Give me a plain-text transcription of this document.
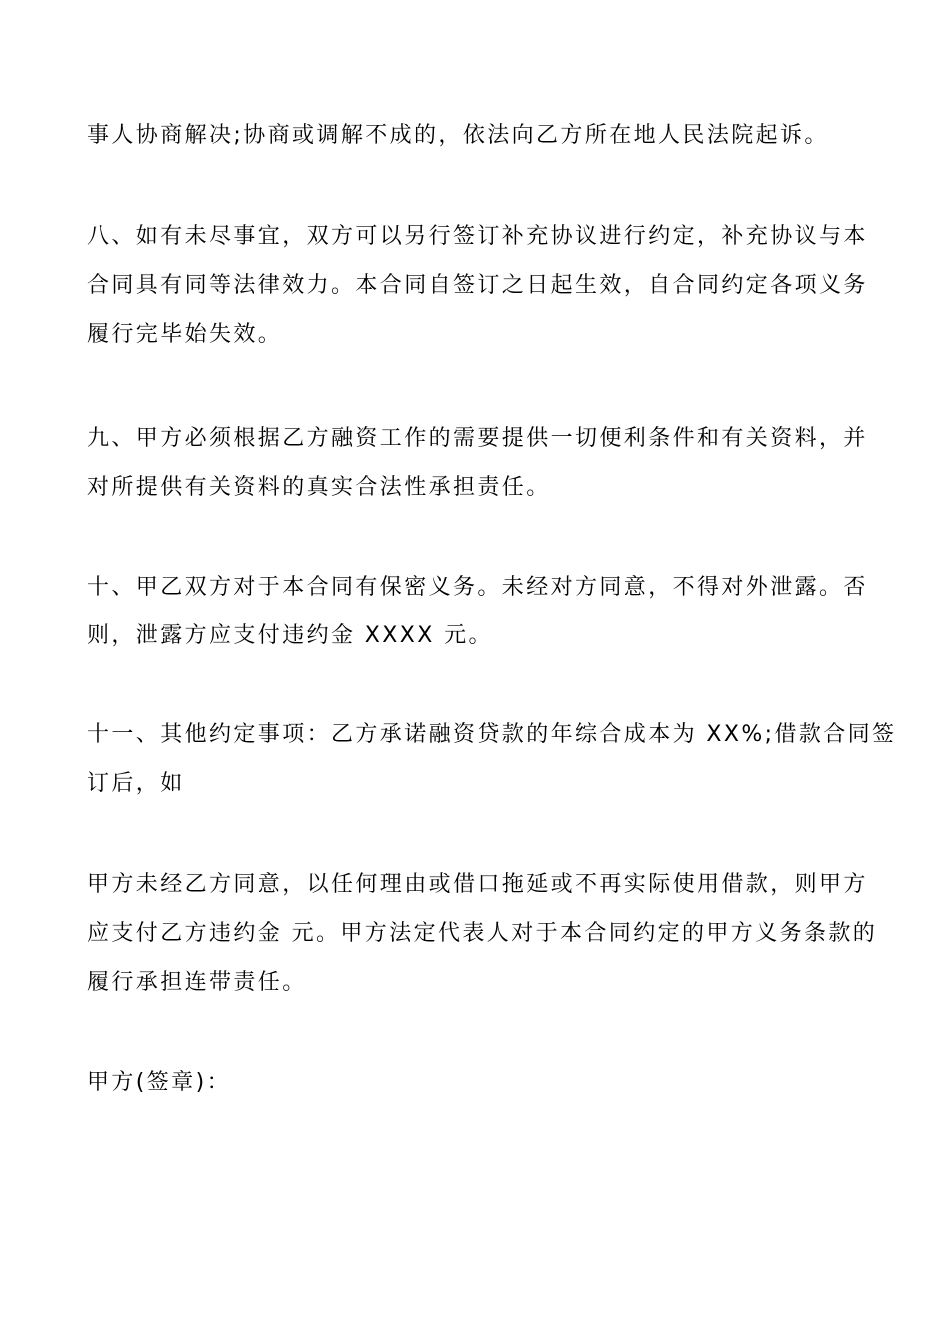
事人协商解决;协商或调解不成的，依法向乙方所在地人民法院起诉。
八、如有未尽事宜，双方可以另行签订补充协议进行约定，补充协议与本
合同具有同等法律效力。本合同自签订之日起生效，自合同约定各项义务
履行完毕始失效。
九、甲方必须根据乙方融资工作的需要提供一切便利条件和有关资料，并
对所提供有关资料的真实合法性承担责任。
十、甲乙双方对于本合同有保密义务。未经对方同意，不得对外泄露。否
则，泄露方应支付违约金 XXXX 元。
十一、其他约定事项：乙方承诺融资贷款的年综合成本为 XX%;借款合同签
订后，如
甲方未经乙方同意，以任何理由或借口拖延或不再实际使用借款，则甲方
应支付乙方违约金 元。甲方法定代表人对于本合同约定的甲方义务条款的
履行承担连带责任。
甲方(签章)：
